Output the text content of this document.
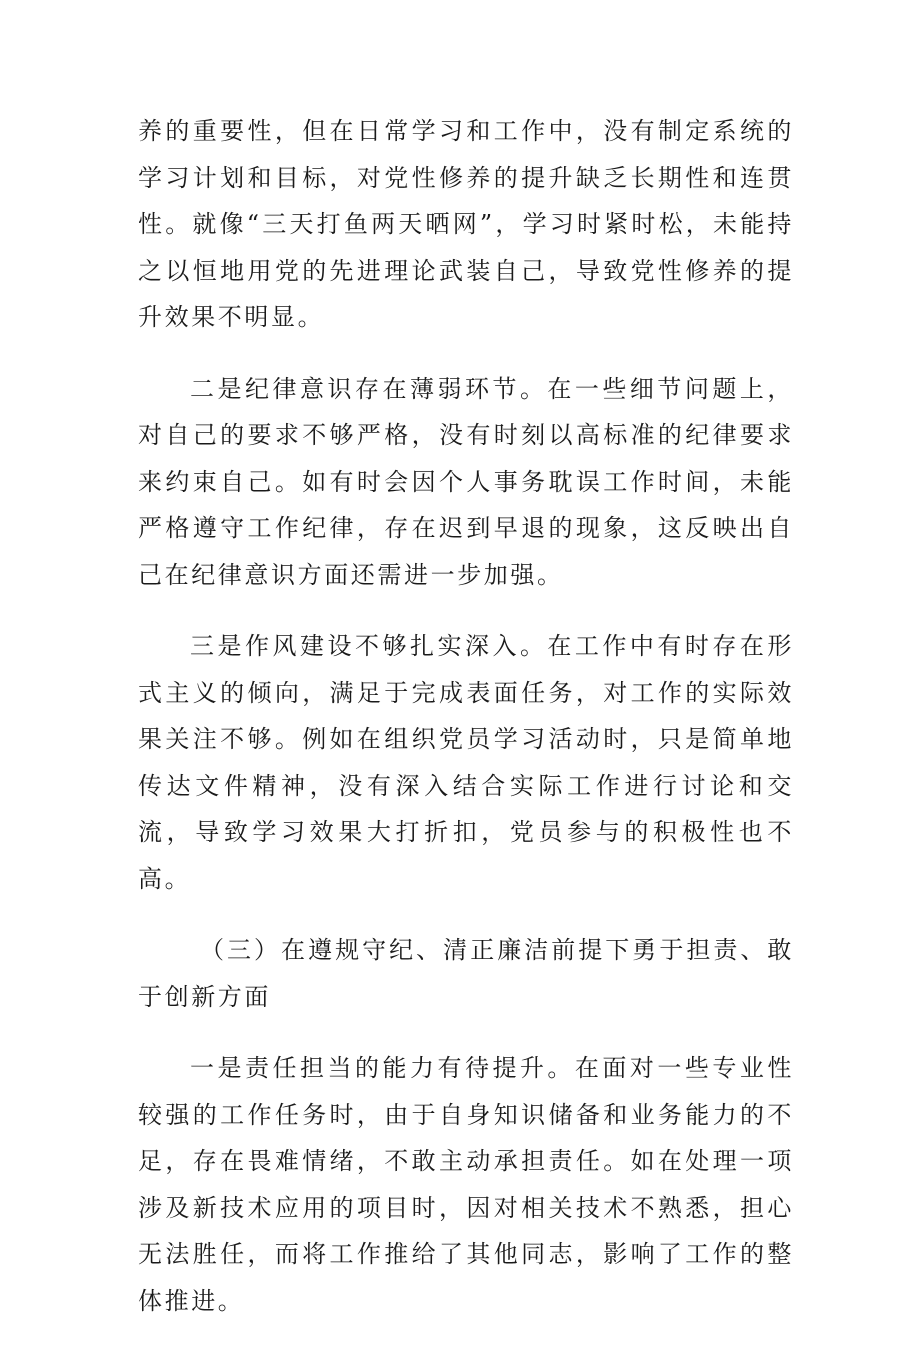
养的重要性，但在日常学习和工作中，没有制定系统的学习计划和目标，对党性修养的提升缺乏长期性和连贯性。就像“三天打鱼两天晒网”，学习时紧时松，未能持之以恒地用党的先进理论武装自己，导致党性修养的提升效果不明显。

二是纪律意识存在薄弱环节。在一些细节问题上，对自己的要求不够严格，没有时刻以高标准的纪律要求来约束自己。如有时会因个人事务耽误工作时间，未能严格遵守工作纪律，存在迟到早退的现象，这反映出自己在纪律意识方面还需进一步加强。

三是作风建设不够扎实深入。在工作中有时存在形式主义的倾向，满足于完成表面任务，对工作的实际效果关注不够。例如在组织党员学习活动时，只是简单地传达文件精神，没有深入结合实际工作进行讨论和交流，导致学习效果大打折扣，党员参与的积极性也不高。

（三）在遵规守纪、清正廉洁前提下勇于担责、敢于创新方面

一是责任担当的能力有待提升。在面对一些专业性较强的工作任务时，由于自身知识储备和业务能力的不足，存在畏难情绪，不敢主动承担责任。如在处理一项涉及新技术应用的项目时，因对相关技术不熟悉，担心无法胜任，而将工作推给了其他同志，影响了工作的整体推进。
